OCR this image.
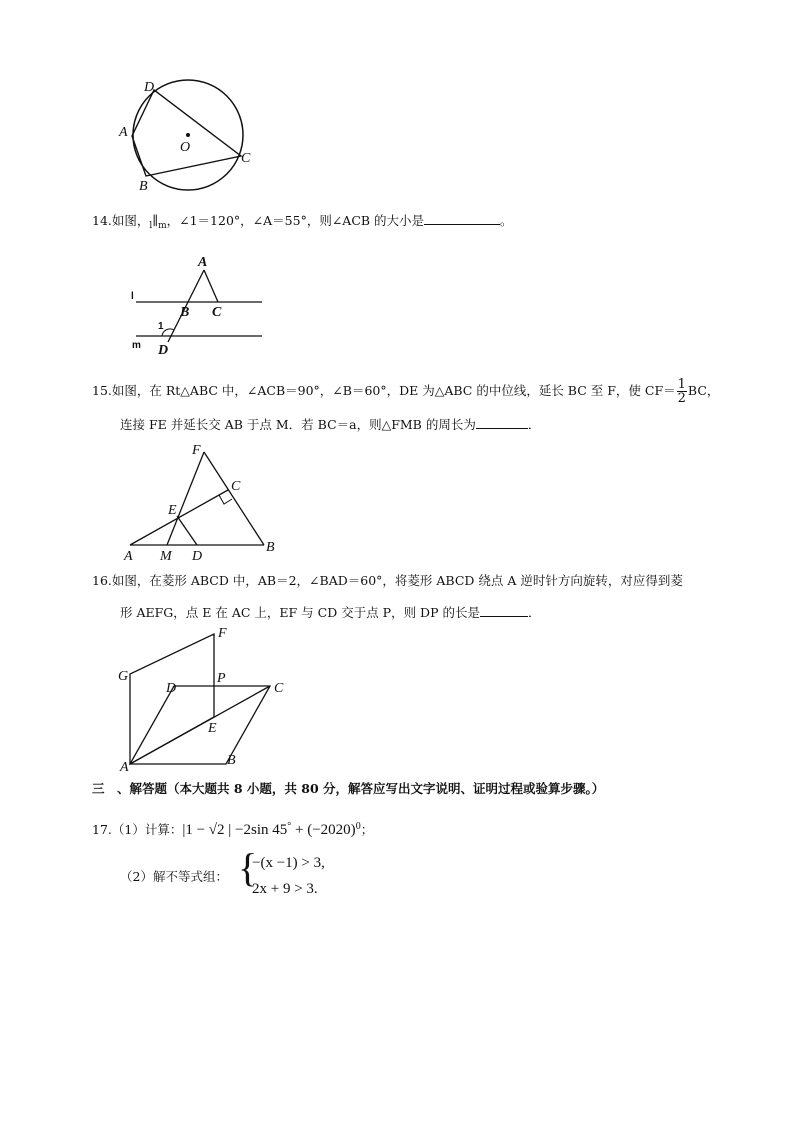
D
A
O
C
B
14.如图，$_l\parallel_m$，∠1＝120°，∠A＝55°，则∠ACB 的大小是	。
A
l
B C
1
m D
15.如图，在 Rt△ABC 中，∠ACB＝90°，∠B＝60°，DE 为△ABC 的中位线，延长 BC 至 F，使 $CF= \frac{1}{2}$ BC，
连接 FE 并延长交 AB 于点 M．若 BC＝a，则△FMB 的周长为	．
F
C
E
A M D
B
16.如图，在菱形 ABCD 中，AB＝2，∠BAD＝60°，将菱形 ABCD 绕点 A 逆时针方向旋转，对应得到菱
形 AEFG，点 E 在 AC 上，EF 与 CD 交于点 P，则 DP 的长是	．
F
G
D
P
C
E
A	B
三　、解答题（本大题共 8 小题，共 80 分，解答应写出文字说明、证明过程或验算步骤。）
17.（1）计算：|1 − √2 | −2sin $45^\circ + (-2020)^0$；
（2）解不等式组： {
−(x −1) > 3,
2x + 9 > 3.
